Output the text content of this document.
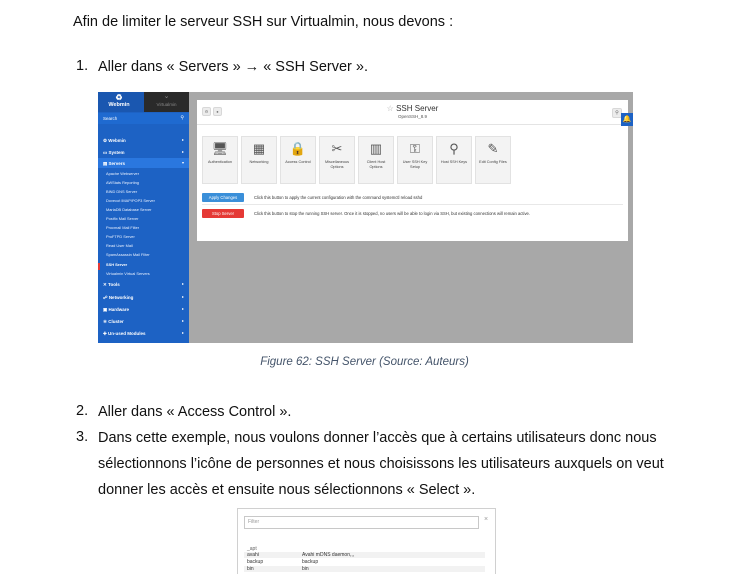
Afin de limiter le serveur SSH sur Virtualmin, nous devons :
1. Aller dans « Servers » → « SSH Server ».
♻
Webmin
⌄
Virtualmin
Search	⚲
⚙ Webmin	▸
▭ System	▸
▤ Servers	▾
Apache Webserver
AWStats Reporting
BIND DNS Server
Dovecot IMAP/POP3 Server
MariaDB Database Server
Postfix Mail Server
Procmail Mail Filter
ProFTPD Server
Read User Mail
SpamAssassin Mail Filter
SSH Server
Virtualmin Virtual Servers
✕ Tools	▸
☍ Networking	▸
▣ Hardware	▸
⚛ Cluster	▸
✚ Un-used Modules	▸
⚙	●	☆ SSH Server
OpenSSH_8.9
⚲
🖥
Authentication
▦
Networking
🔒
Access Control
✂
Miscellaneous Options
▥
Client Host Options
⚿
User SSH Key Setup
⚲
Host SSH Keys
✎
Edit Config Files
Apply Changes	Click this button to apply the current configuration with the command systemctl reload sshd
Stop Server	Click this button to stop the running SSH server. Once it is stopped, no users will be able to login via SSH, but existing connections will remain active.
🔔
Figure 62: SSH Server (Source: Auteurs)
2. Aller dans « Access Control ».
3. Dans cette exemple, nous voulons donner l’accès que à certains utilisateurs donc nous
sélectionnons l’icône de personnes et nous choisissons les utilisateurs auxquels on veut
donner les accès et ensuite nous sélectionnons « Select ».
Filter	×
_apt
avahi	Avahi mDNS daemon,,,
backup	backup
bin	bin
